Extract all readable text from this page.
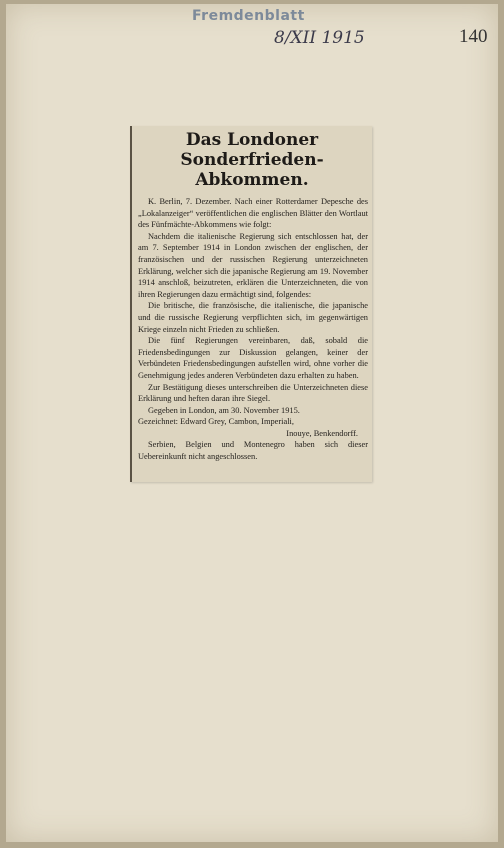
Fremdenblatt
8/XII 1915	140
Das Londoner Sonderfrieden-
Abkommen.

K. Berlin, 7. Dezember. Nach einer Rotterdamer Depesche des „Lokalanzeiger“ veröffentlichen die englischen Blätter den Wortlaut des Fünfmächte-Abkommens wie folgt:

Nachdem die italienische Regierung sich entschlossen hat, der am 7. September 1914 in London zwischen der englischen, der französischen und der russischen Regierung unterzeichneten Erklärung, welcher sich die japanische Regierung am 19. November 1914 anschloß, beizutreten, erklären die Unterzeichneten, die von ihren Regierungen dazu ermächtigt sind, folgendes:

Die britische, die französische, die italienische, die japanische und die russische Regierung verpflichten sich, im gegenwärtigen Kriege einzeln nicht Frieden zu schließen.

Die fünf Regierungen vereinbaren, daß, sobald die Friedensbedingungen zur Diskussion gelangen, keiner der Verbündeten Friedensbedingungen aufstellen wird, ohne vorher die Genehmigung jedes anderen Verbündeten dazu erhalten zu haben.

Zur Bestätigung dieses unterschreiben die Unterzeichneten diese Erklärung und heften daran ihre Siegel.

Gegeben in London, am 30. November 1915.

Gezeichnet: Edward Grey, Cambon, Imperiali,

Inouye, Benkendorff.

Serbien, Belgien und Montenegro haben sich dieser Uebereinkunft nicht angeschlossen.
